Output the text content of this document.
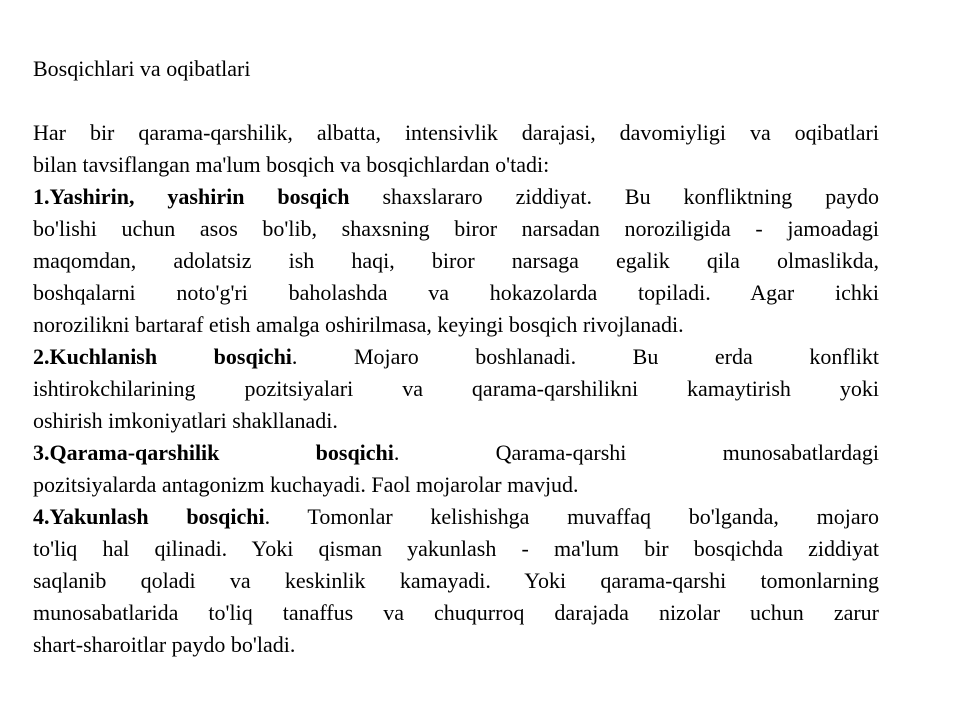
Bosqichlari va oqibatlari
Har bir qarama-qarshilik, albatta, intensivlik darajasi, davomiyligi va oqibatlari
bilan tavsiflangan ma'lum bosqich va bosqichlardan o'tadi:
1.Yashirin, yashirin bosqich shaxslararo ziddiyat. Bu konfliktning paydo
bo'lishi uchun asos bo'lib, shaxsning biror narsadan noroziligida - jamoadagi
maqomdan, adolatsiz ish haqi, biror narsaga egalik qila olmaslikda,
boshqalarni noto'g'ri baholashda va hokazolarda topiladi. Agar ichki
norozilikni bartaraf etish amalga oshirilmasa, keyingi bosqich rivojlanadi.
2.Kuchlanish bosqichi. Mojaro boshlanadi. Bu erda konflikt
ishtirokchilarining pozitsiyalari va qarama-qarshilikni kamaytirish yoki
oshirish imkoniyatlari shakllanadi.
3.Qarama-qarshilik bosqichi. Qarama-qarshi munosabatlardagi
pozitsiyalarda antagonizm kuchayadi. Faol mojarolar mavjud.
4.Yakunlash bosqichi. Tomonlar kelishishga muvaffaq bo'lganda, mojaro
to'liq hal qilinadi. Yoki qisman yakunlash - ma'lum bir bosqichda ziddiyat
saqlanib qoladi va keskinlik kamayadi. Yoki qarama-qarshi tomonlarning
munosabatlarida to'liq tanaffus va chuqurroq darajada nizolar uchun zarur
shart-sharoitlar paydo bo'ladi.
